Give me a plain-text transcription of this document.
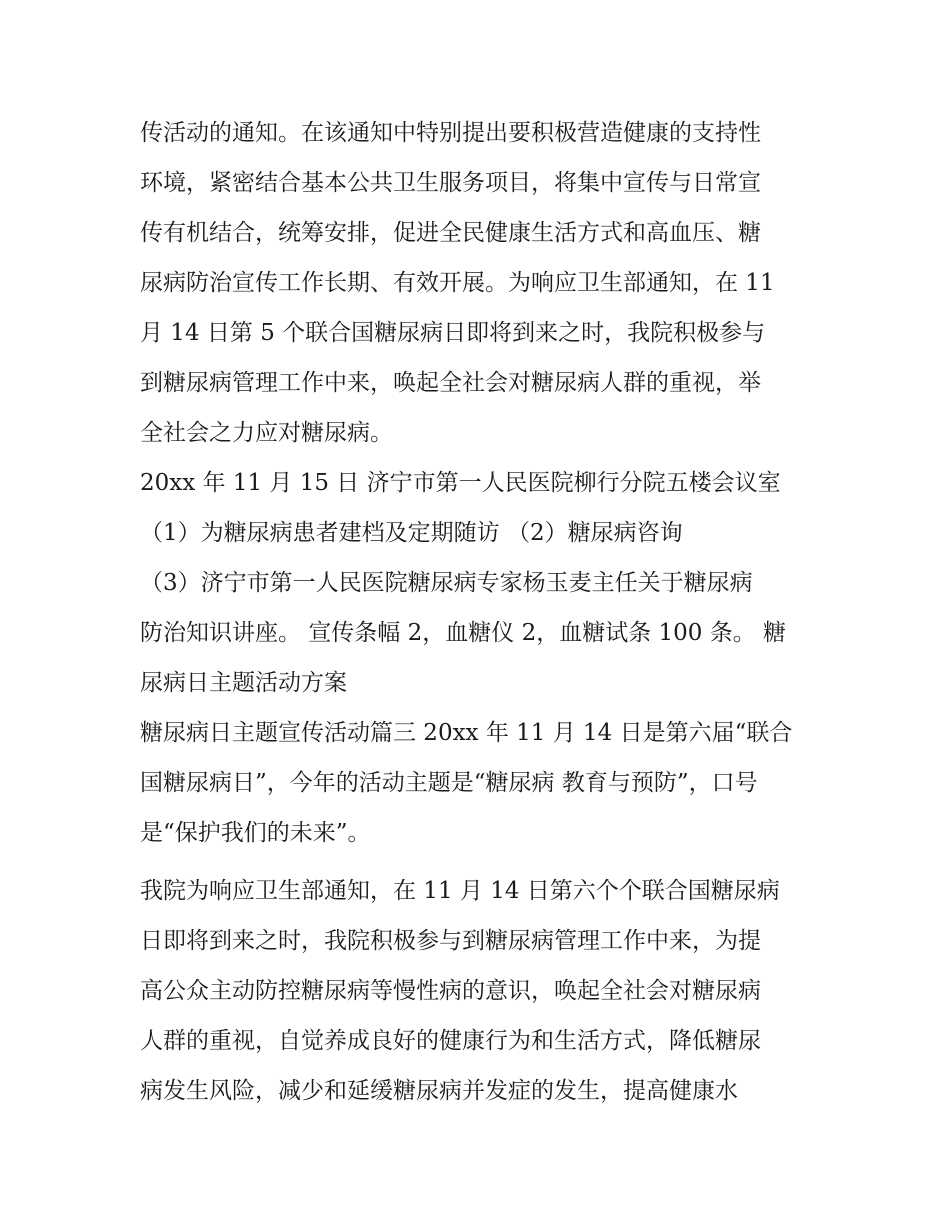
传活动的通知。在该通知中特别提出要积极营造健康的支持性
环境，紧密结合基本公共卫生服务项目，将集中宣传与日常宣
传有机结合，统筹安排，促进全民健康生活方式和高血压、糖
尿病防治宣传工作长期、有效开展。为响应卫生部通知，在 11
月 14 日第 5 个联合国糖尿病日即将到来之时，我院积极参与
到糖尿病管理工作中来，唤起全社会对糖尿病人群的重视，举
全社会之力应对糖尿病。
20xx 年 11 月 15 日 济宁市第一人民医院柳行分院五楼会议室
（1）为糖尿病患者建档及定期随访 （2）糖尿病咨询
（3）济宁市第一人民医院糖尿病专家杨玉麦主任关于糖尿病
防治知识讲座。 宣传条幅 2，血糖仪 2，血糖试条 100 条。 糖
尿病日主题活动方案
糖尿病日主题宣传活动篇三 20xx 年 11 月 14 日是第六届“联合
国糖尿病日”，今年的活动主题是“糖尿病 教育与预防”，口号
是“保护我们的未来”。
我院为响应卫生部通知，在 11 月 14 日第六个个联合国糖尿病
日即将到来之时，我院积极参与到糖尿病管理工作中来，为提
高公众主动防控糖尿病等慢性病的意识，唤起全社会对糖尿病
人群的重视，自觉养成良好的健康行为和生活方式，降低糖尿
病发生风险，减少和延缓糖尿病并发症的发生，提高健康水
